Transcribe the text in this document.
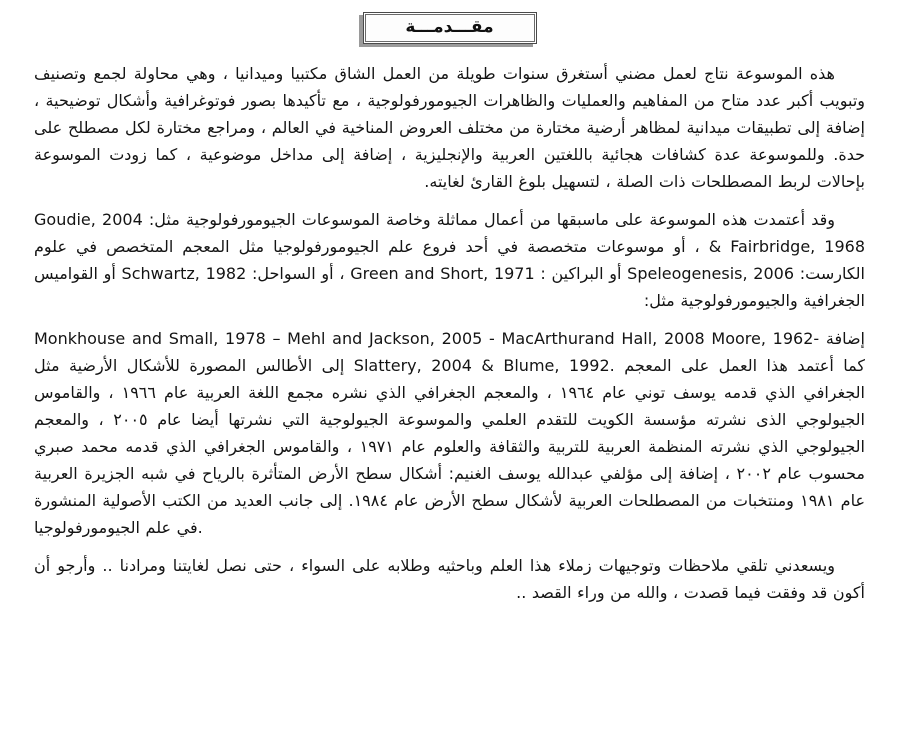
مقـــدمـــة

هذه الموسوعة نتاج لعمل مضني أستغرق سنوات طويلة من العمل الشاق مكتبيا وميدانيا ، وهي محاولة لجمع وتصنيف وتبويب أكبر عدد متاح من المفاهيم والعمليات والظاهرات الجيومورفولوجية ، مع تأكيدها بصور فوتوغرافية وأشكال توضيحية ، إضافة إلى تطبيقات ميدانية لمظاهر أرضية مختارة من مختلف العروض المناخية في العالم ، ومراجع مختارة لكل مصطلح على حدة. وللموسوعة عدة كشافات هجائية باللغتين العربية والإنجليزية ، إضافة إلى مداخل موضوعية ، كما زودت الموسوعة بإحالات لربط المصطلحات ذات الصلة ، لتسهيل بلوغ القارئ لغايته.

وقد أعتمدت هذه الموسوعة على ماسبقها من أعمال مماثلة وخاصة الموسوعات الجيومورفولوجية مثل: Goudie, 2004 & Fairbridge, 1968 ، أو موسوعات متخصصة في أحد فروع علم الجيومورفولوجيا مثل المعجم المتخصص في علوم الكارست: Speleogenesis, 2006 أو البراكين : Green and Short, 1971 ، أو السواحل: Schwartz, 1982 أو القواميس الجغرافية والجيومورفولوجية مثل:

Monkhouse and Small, 1978 – Mehl and Jackson, 2005 - MacArthurand Hall, 2008 Moore, 1962- إضافة إلى الأطالس المصورة للأشكال الأرضية مثل Slattery, 2004 & Blume, 1992. كما أعتمد هذا العمل على المعجم الجغرافي الذي قدمه يوسف توني عام ١٩٦٤ ، والمعجم الجغرافي الذي نشره مجمع اللغة العربية عام ١٩٦٦ ، والقاموس الجيولوجي الذى نشرته مؤسسة الكويت للتقدم العلمي والموسوعة الجيولوجية التي نشرتها أيضا عام ٢٠٠٥ ، والمعجم الجيولوجي الذي نشرته المنظمة العربية للتربية والثقافة والعلوم عام ١٩٧١ ، والقاموس الجغرافي الذي قدمه محمد صبري محسوب عام ٢٠٠٢ ، إضافة إلى مؤلفي عبدالله يوسف الغنيم: أشكال سطح الأرض المتأثرة بالرياح في شبه الجزيرة العربية عام ١٩٨١ ومنتخبات من المصطلحات العربية لأشكال سطح الأرض عام ١٩٨٤. إلى جانب العديد من الكتب الأصولية المنشورة في علم الجيومورفولوجيا.

ويسعدني تلقي ملاحظات وتوجيهات زملاء هذا العلم وباحثيه وطلابه على السواء ، حتى نصل لغايتنا ومرادنا .. وأرجو أن أكون قد وفقت فيما قصدت ، والله من وراء القصد ..
